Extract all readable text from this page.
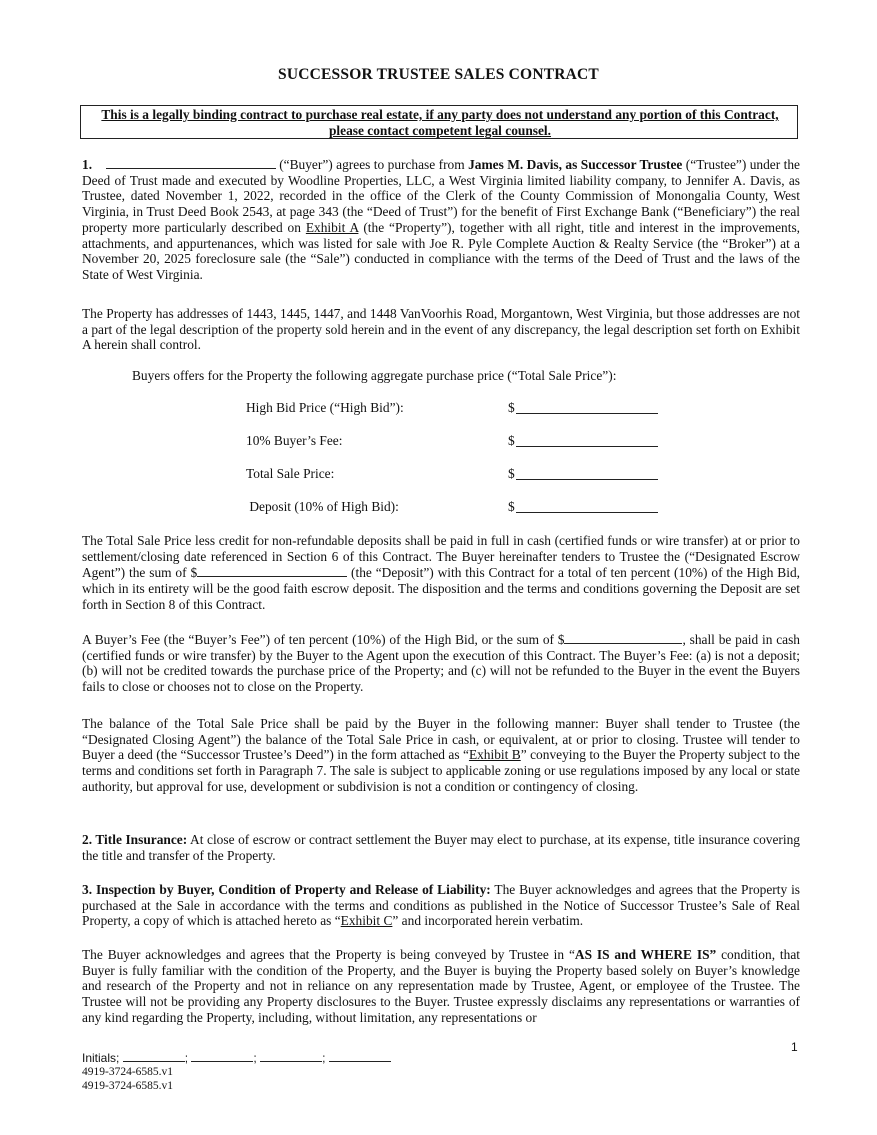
SUCCESSOR TRUSTEE SALES CONTRACT
This is a legally binding contract to purchase real estate, if any party does not understand any portion of this Contract, please contact competent legal counsel.

1.	(“Buyer”) agrees to purchase from James M. Davis, as Successor Trustee (“Trustee”) under the Deed of Trust made and executed by Woodline Properties, LLC, a West Virginia limited liability company, to Jennifer A. Davis, as Trustee, dated November 1, 2022, recorded in the office of the Clerk of the County Commission of Monongalia County, West Virginia, in Trust Deed Book 2543, at page 343 (the “Deed of Trust”) for the benefit of First Exchange Bank (“Beneficiary”) the real property more particularly described on Exhibit A (the “Property”), together with all right, title and interest in the improvements, attachments, and appurtenances, which was listed for sale with Joe R. Pyle Complete Auction & Realty Service (the “Broker”) at a November 20, 2025 foreclosure sale (the “Sale”) conducted in compliance with the terms of the Deed of Trust and the laws of the State of West Virginia.

The Property has addresses of 1443, 1445, 1447, and 1448 VanVoorhis Road, Morgantown, West Virginia, but those addresses are not a part of the legal description of the property sold herein and in the event of any discrepancy, the legal description set forth on Exhibit A herein shall control.

Buyers offers for the Property the following aggregate purchase price (“Total Sale Price”):
High Bid Price (“High Bid”):	$
10% Buyer’s Fee:	$
Total Sale Price:	$
Deposit (10% of High Bid):	$

The Total Sale Price less credit for non-refundable deposits shall be paid in full in cash (certified funds or wire transfer) at or prior to settlement/closing date referenced in Section 6 of this Contract. The Buyer hereinafter tenders to Trustee the (“Designated Escrow Agent”) the sum of $	(the “Deposit”) with this Contract for a total of ten percent (10%) of the High Bid, which in its entirety will be the good faith escrow deposit. The disposition and the terms and conditions governing the Deposit are set forth in Section 8 of this Contract.

A Buyer’s Fee (the “Buyer’s Fee”) of ten percent (10%) of the High Bid, or the sum of $	, shall be paid in cash (certified funds or wire transfer) by the Buyer to the Agent upon the execution of this Contract. The Buyer’s Fee: (a) is not a deposit; (b) will not be credited towards the purchase price of the Property; and (c) will not be refunded to the Buyer in the event the Buyers fails to close or chooses not to close on the Property.

The balance of the Total Sale Price shall be paid by the Buyer in the following manner: Buyer shall tender to Trustee (the “Designated Closing Agent”) the balance of the Total Sale Price in cash, or equivalent, at or prior to closing. Trustee will tender to Buyer a deed (the “Successor Trustee’s Deed”) in the form attached as “Exhibit B” conveying to the Buyer the Property subject to the terms and conditions set forth in Paragraph 7. The sale is subject to applicable zoning or use regulations imposed by any local or state authority, but approval for use, development or subdivision is not a condition or contingency of closing.

2. Title Insurance: At close of escrow or contract settlement the Buyer may elect to purchase, at its expense, title insurance covering the title and transfer of the Property.

3. Inspection by Buyer, Condition of Property and Release of Liability: The Buyer acknowledges and agrees that the Property is purchased at the Sale in accordance with the terms and conditions as published in the Notice of Successor Trustee’s Sale of Real Property, a copy of which is attached hereto as “Exhibit C” and incorporated herein verbatim.

The Buyer acknowledges and agrees that the Property is being conveyed by Trustee in “AS IS and WHERE IS” condition, that Buyer is fully familiar with the condition of the Property, and the Buyer is buying the Property based solely on Buyer’s knowledge and research of the Property and not in reliance on any representation made by Trustee, Agent, or employee of the Trustee. The Trustee will not be providing any Property disclosures to the Buyer. Trustee expressly disclaims any representations or warranties of any kind regarding the Property, including, without limitation, any representations or

1
Initials;	;	;	;
4919-3724-6585.v1
4919-3724-6585.v1
